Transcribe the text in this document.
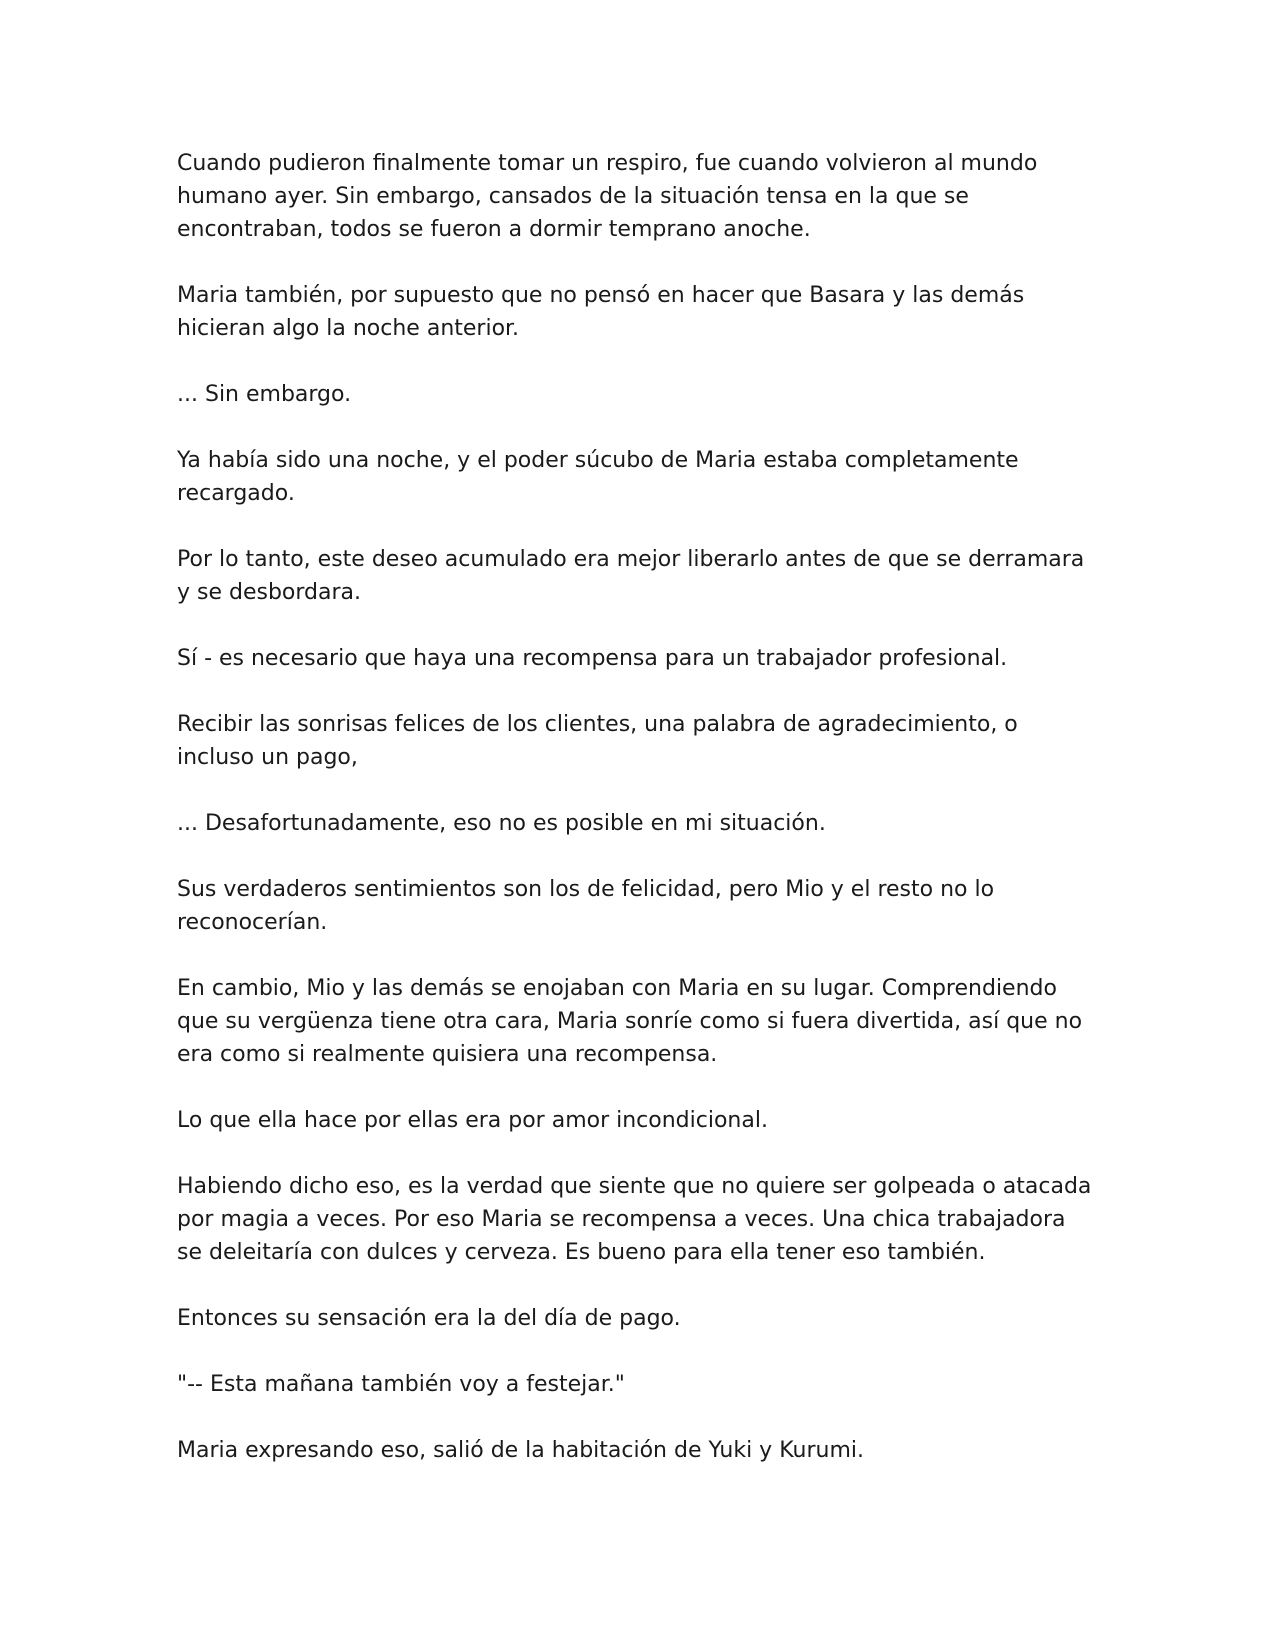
Cuando pudieron finalmente tomar un respiro, fue cuando volvieron al mundo humano ayer. Sin embargo, cansados de la situación tensa en la que se encontraban, todos se fueron a dormir temprano anoche.

Maria también, por supuesto que no pensó en hacer que Basara y las demás hicieran algo la noche anterior.

... Sin embargo.

Ya había sido una noche, y el poder súcubo de Maria estaba completamente recargado.

Por lo tanto, este deseo acumulado era mejor liberarlo antes de que se derramara y se desbordara.

Sí - es necesario que haya una recompensa para un trabajador profesional.

Recibir las sonrisas felices de los clientes, una palabra de agradecimiento, o incluso un pago,

... Desafortunadamente, eso no es posible en mi situación.

Sus verdaderos sentimientos son los de felicidad, pero Mio y el resto no lo reconocerían.

En cambio, Mio y las demás se enojaban con Maria en su lugar. Comprendiendo que su vergüenza tiene otra cara, Maria sonríe como si fuera divertida, así que no era como si realmente quisiera una recompensa.

Lo que ella hace por ellas era por amor incondicional.

Habiendo dicho eso, es la verdad que siente que no quiere ser golpeada o atacada por magia a veces. Por eso Maria se recompensa a veces. Una chica trabajadora se deleitaría con dulces y cerveza. Es bueno para ella tener eso también.

Entonces su sensación era la del día de pago.

"-- Esta mañana también voy a festejar."

Maria expresando eso, salió de la habitación de Yuki y Kurumi.
